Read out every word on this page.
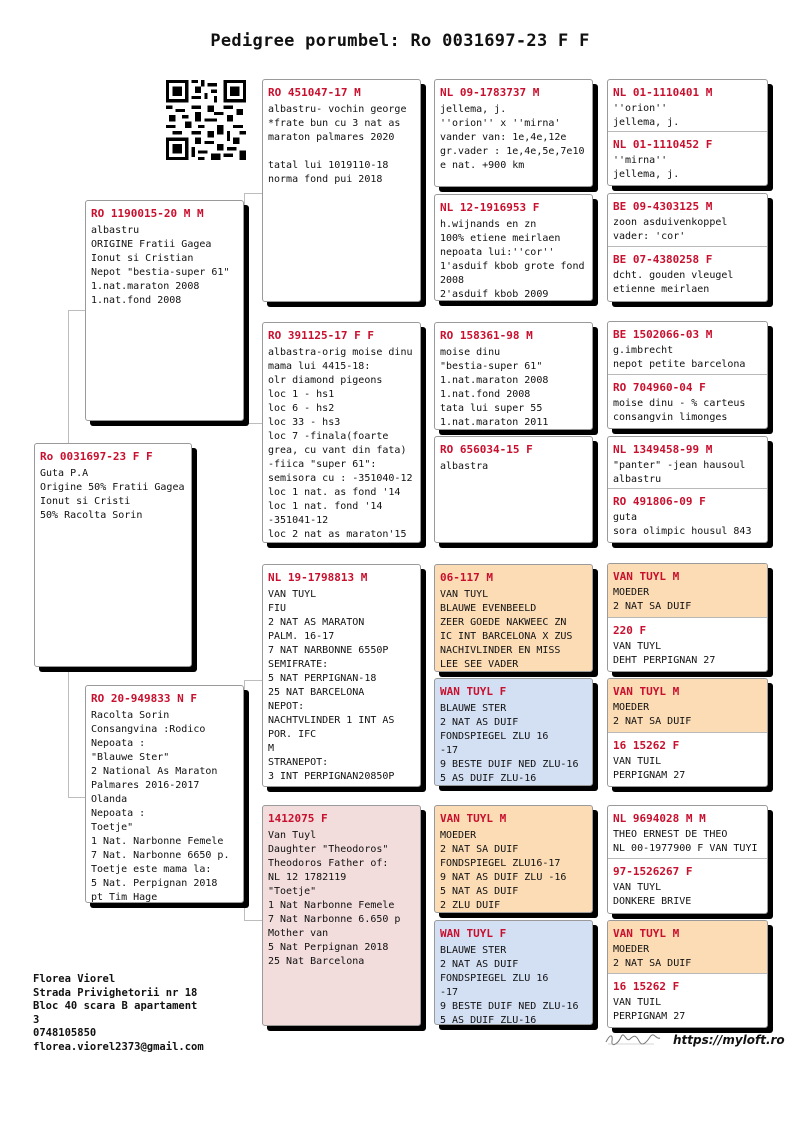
Pedigree porumbel: Ro 0031697-23 F F
Ro 0031697-23 F F
Guta P.A
Origine 50% Fratii Gagea
Ionut si Cristi
50% Racolta Sorin
RO 1190015-20 M M
albastru
ORIGINE Fratii Gagea
Ionut si Cristian
Nepot "bestia-super 61"
1.nat.maraton 2008
1.nat.fond 2008
RO 20-949833 N F
Racolta Sorin
Consangvina :Rodico
Nepoata :
"Blauwe Ster"
2 National As Maraton
Palmares 2016-2017
Olanda
Nepoata :
Toetje"
1 Nat. Narbonne Femele
7 Nat. Narbonne 6650 p.
Toetje este mama la:
5 Nat. Perpignan 2018
pt Tim Hage
RO 451047-17 M
albastru- vochin george
*frate bun cu 3 nat as
maraton palmares 2020

tatal lui 1019110-18
norma fond pui 2018
RO 391125-17 F F
albastra-orig moise dinu
mama lui 4415-18:
olr diamond pigeons
loc 1 - hs1
loc 6 - hs2
loc 33 - hs3
loc 7 -finala(foarte
grea, cu vant din fata)
-fiica "super 61":
semisora cu : -351040-12
loc 1 nat. as fond '14
loc 1 nat. fond '14
-351041-12
loc 2 nat as maraton'15
NL 19-1798813 M
VAN TUYL
FIU
2 NAT AS MARATON
PALM. 16-17
7 NAT NARBONNE 6550P
SEMIFRATE:
5 NAT PERPIGNAN-18
25 NAT BARCELONA
NEPOT:
NACHTVLINDER 1 INT AS
POR. IFC
M
STRANEPOT:
3 INT PERPIGNAN20850P
1412075 F
Van Tuyl
Daughter "Theodoros"
Theodoros Father of:
NL 12 1782119
"Toetje"
1 Nat Narbonne Femele
7 Nat Narbonne 6.650 p
Mother van
5 Nat Perpignan 2018
25 Nat Barcelona
NL 09-1783737 M
jellema, j.
''orion'' x ''mirna'
vander van: 1e,4e,12e
gr.vader : 1e,4e,5e,7e10
e nat. +900 km
NL 12-1916953 F
h.wijnands en zn
100% etiene meirlaen
nepoata lui:''cor''
1'asduif kbob grote fond
2008
2'asduif kbob 2009
RO 158361-98 M
moise dinu
"bestia-super 61"
1.nat.maraton 2008
1.nat.fond 2008
tata lui super 55
1.nat.maraton 2011
RO 656034-15 F
albastra
06-117 M
VAN TUYL
BLAUWE EVENBEELD
ZEER GOEDE NAKWEEC ZN
IC INT BARCELONA X ZUS
NACHIVLINDER EN MISS
LEE SEE VADER
WAN TUYL F
BLAUWE STER
2 NAT AS DUIF
FONDSPIEGEL ZLU 16
-17
9 BESTE DUIF NED ZLU-16
5 AS DUIF ZLU-16
VAN TUYL M
MOEDER
2 NAT SA DUIF
FONDSPIEGEL ZLU16-17
9 NAT AS DUIF ZLU -16
5 NAT AS DUIF
2 ZLU DUIF
WAN TUYL F
BLAUWE STER
2 NAT AS DUIF
FONDSPIEGEL ZLU 16
-17
9 BESTE DUIF NED ZLU-16
5 AS DUIF ZLU-16
NL 01-1110401 M
''orion''
jellema, j.
NL 01-1110452 F
''mirna''
jellema, j.
BE 09-4303125 M
zoon asduivenkoppel
vader: 'cor'
BE 07-4380258 F
dcht. gouden vleugel
etienne meirlaen
BE 1502066-03 M
g.imbrecht
nepot petite barcelona
RO 704960-04 F
moise dinu - % carteus
consangvin limonges
NL 1349458-99 M
"panter" -jean hausoul
albastru
RO 491806-09 F
guta
sora olimpic housul 843
VAN TUYL M
MOEDER
2 NAT SA DUIF
220 F
VAN TUYL
DEHT PERPIGNAN 27
VAN TUYL M
MOEDER
2 NAT SA DUIF
16 15262 F
VAN TUIL
PERPIGNAM 27
NL 9694028 M M
THEO ERNEST DE THEO
NL 00-1977900 F VAN TUYI
97-1526267 F
VAN TUYL
DONKERE BRIVE
VAN TUYL M
MOEDER
2 NAT SA DUIF
16 15262 F
VAN TUIL
PERPIGNAM 27
Florea Viorel
Strada Privighetorii nr 18
Bloc 40 scara B apartament
3
0748105850
florea.viorel2373@gmail.com	https://myloft.ro
